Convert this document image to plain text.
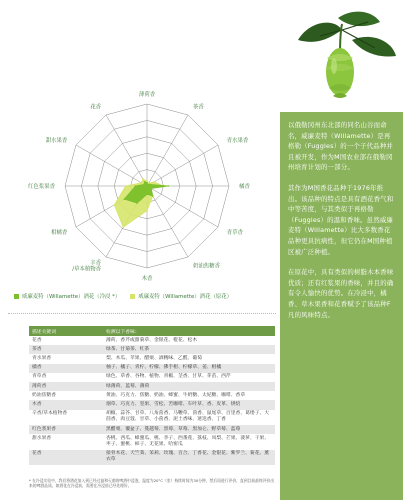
薄荷香
茶香
青水果香
橘香
青草香
奶油焦糖香
木香
辛香/草本植物香
柑橘香
红色浆果香
甜水果香
花香
威廉麦特（Willamette）酒花（冷浸 *）	威廉麦特（Willamette）酒花（原花）
描述关键词	检测以下香味：
花香	薄荷、香芹或甜菊草、金银花、橙花、松木
茶香	绿茶、甘菊茶、红茶
青水果香	梨、木瓜、苹果、醋栗、酒精味、乙醛、葡萄
橘香	柚子、橘子、青柠、柠檬、佛手柑、柠檬草、姜、柑橘
青草香	绿色、草香、谷物、植物、青椒、茎香、甘草、芽苗、西芹
薄荷香	绿薄荷、蓝莓、薄荷
奶油焦糖香	黄油、巧克力、焦糖、奶油、蜂蜜、牛奶糖、太妃糖、咖啡、香草
木香	烟草、巧克力、坚果、雪松、苦咖啡、车叶草、香、皮革、烘焙
辛香/草本植物香	胡椒、蒜芥、甘草、八角茴香、马鞭草、茴香、鼠尾草、百里香、葛缕子、大茴香、肉豆蔻、甘草、小茴香、泥土香味、迷迭香、丁香
红色浆果香	黑醋栗、覆盆子、蔓越莓、黑莓、草莓、黑加仑、野草莓、蓝莓
甜水果香	杏桃、西瓜、蜂蜜瓜、桃、李子、西番莲、荔枝、凤梨、芒果、菠萝、干果、枣子、蜜桃、柿子、无花果、哈密瓜
花香	接骨木花、天竺葵、茉莉、玫瑰、百合、丁香花、金银花、紫罗兰、菊花、薰衣草
* 在冷浸实验中，我们将酒花加入到已经过滤和灭菌的啤酒中浸泡，温度为20°C（室）持续时间为30分钟，然后再进行评价，直到目前最终评价出来的啤酒品质。如酒花在冷浸前，需要在冷浸前已经处理好。

以俄勒冈州东北部的同名山谷而命名，威廉麦特（Willamette）是再格勒（Fuggles）的一个子代品种并且被开发，作为M国农业部在俄勒冈州培育计划的一部分。

其作为M国香花品种于1976年推出。该品种的特点是具有酒花香气和中等苦度，与其类似于再格勒（Fuggles）的温和香味。虽然威廉麦特（Willamette）比大多数香花品种更具抗病性，但它仍在M国种植区被广泛种植。

在原花中，具有类似的树脂木本香味优质；还有红浆果的香味，并且的确有令人愉快的优势。在冷浸中，橘香、草木果香和花香赋予了该品种F凡的风味特点。
